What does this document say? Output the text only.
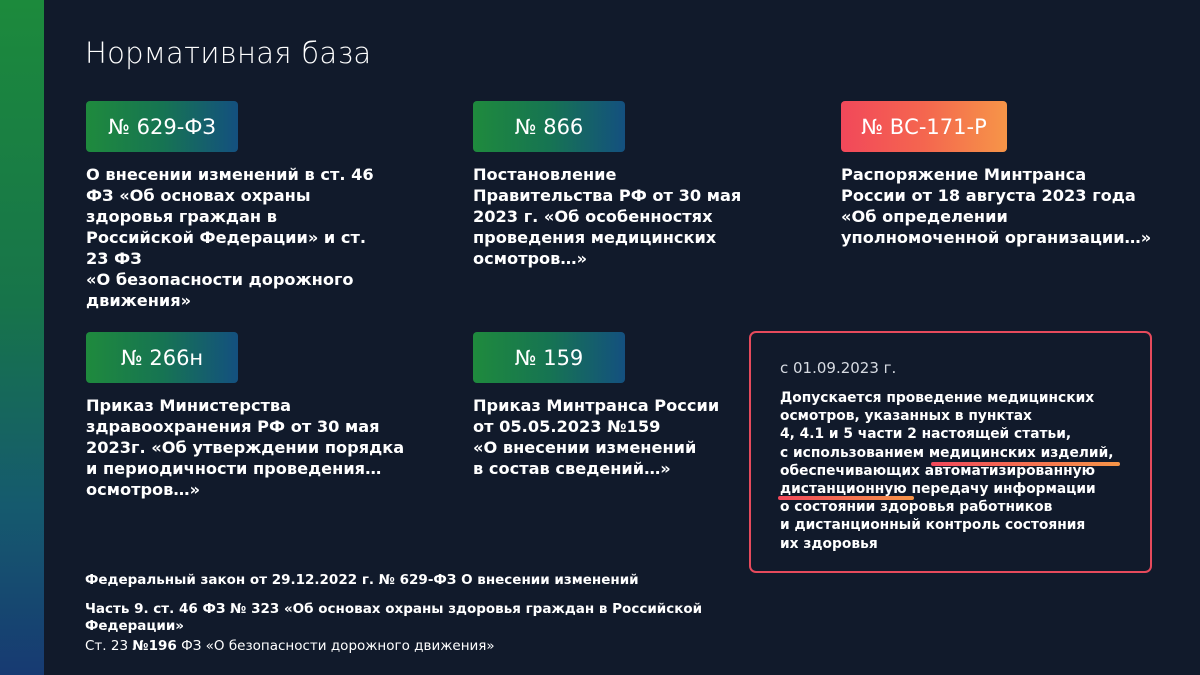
Нормативная база
№ 629-ФЗ
О внесении изменений в ст. 46
ФЗ «Об основах охраны
здоровья граждан в
Российской Федерации» и ст.
23 ФЗ
«О безопасности дорожного
движения»
№ 866
Постановление
Правительства РФ от 30 мая
2023 г. «Об особенностях
проведения медицинских
осмотров…»
№ ВС-171-Р
Распоряжение Минтранса
России от 18 августа 2023 года
«Об определении
уполномоченной организации…»
№ 266н
Приказ Министерства
здравоохранения РФ от 30 мая
2023г. «Об утверждении порядка
и периодичности проведения…
осмотров…»
№ 159
Приказ Минтранса России
от 05.05.2023 №159
«О внесении изменений
в состав сведений…»
с 01.09.2023 г.
Допускается проведение медицинских
осмотров, указанных в пунктах
4, 4.1 и 5 части 2 настоящей статьи,
с использованием медицинских изделий,
обеспечивающих автоматизированную
дистанционную передачу информации
о состоянии здоровья работников
и дистанционный контроль состояния
их здоровья
Федеральный закон от 29.12.2022 г. № 629-ФЗ О внесении изменений
Часть 9. ст. 46 ФЗ № 323 «Об основах охраны здоровья граждан в Российской
Федерации»
Ст. 23 №196 ФЗ «О безопасности дорожного движения»
